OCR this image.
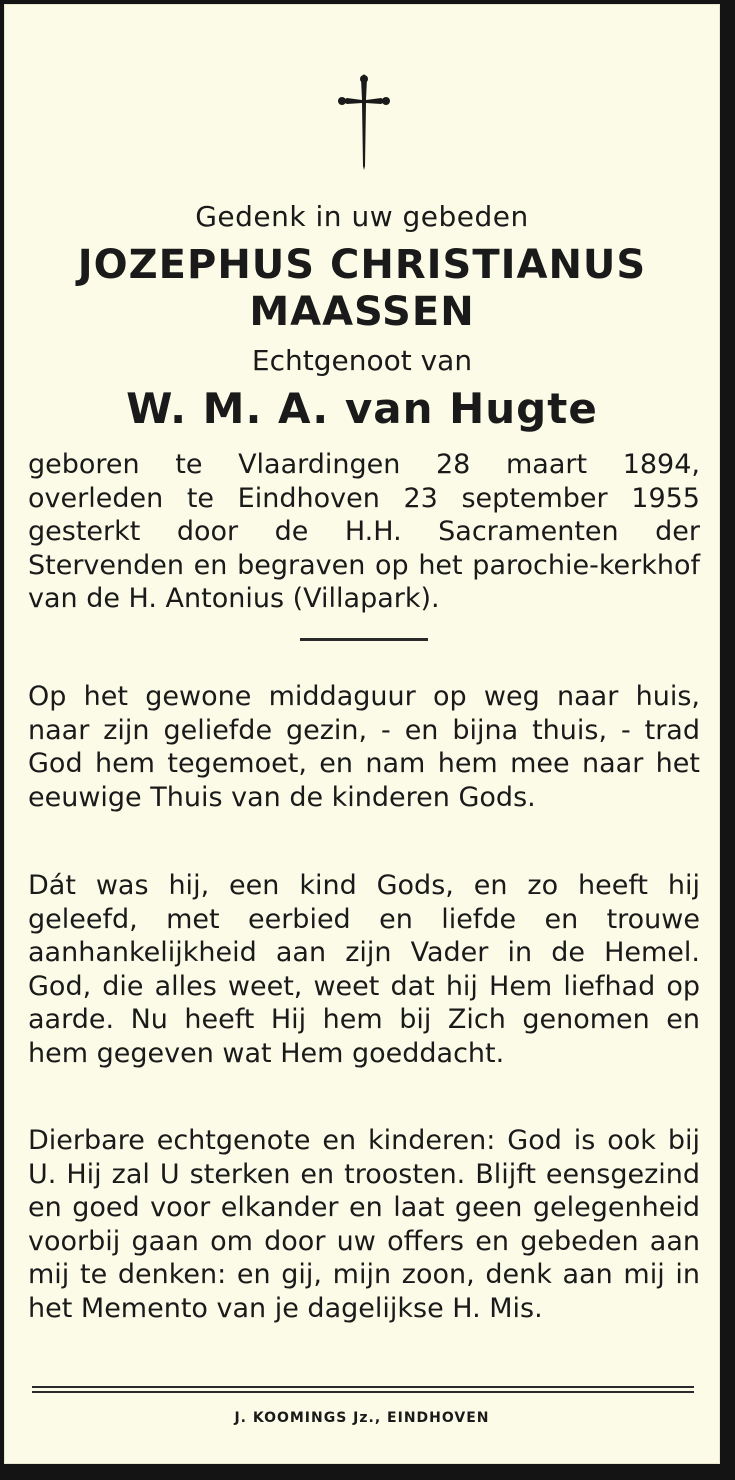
Gedenk in uw gebeden
JOZEPHUS CHRISTIANUS
MAASSEN
Echtgenoot van
W. M. A. van Hugte
geboren te Vlaardingen 28 maart 1894, overleden te Eindhoven 23 september 1955 gesterkt door de H.H. Sacramenten der Stervenden en begraven op het parochie-kerkhof van de H. Antonius (Villapark).
Op het gewone middaguur op weg naar huis, naar zijn geliefde gezin, - en bijna thuis, - trad God hem tegemoet, en nam hem mee naar het eeuwige Thuis van de kinderen Gods.
Dát was hij, een kind Gods, en zo heeft hij geleefd, met eerbied en liefde en trouwe aanhankelijkheid aan zijn Vader in de Hemel. God, die alles weet, weet dat hij Hem liefhad op aarde. Nu heeft Hij hem bij Zich genomen en hem gegeven wat Hem goeddacht.
Dierbare echtgenote en kinderen: God is ook bij U. Hij zal U sterken en troosten. Blijft eensgezind en goed voor elkander en laat geen gelegenheid voorbij gaan om door uw offers en gebeden aan mij te denken: en gij, mijn zoon, denk aan mij in het Memento van je dagelijkse H. Mis.
J. KOOMINGS Jz., EINDHOVEN
